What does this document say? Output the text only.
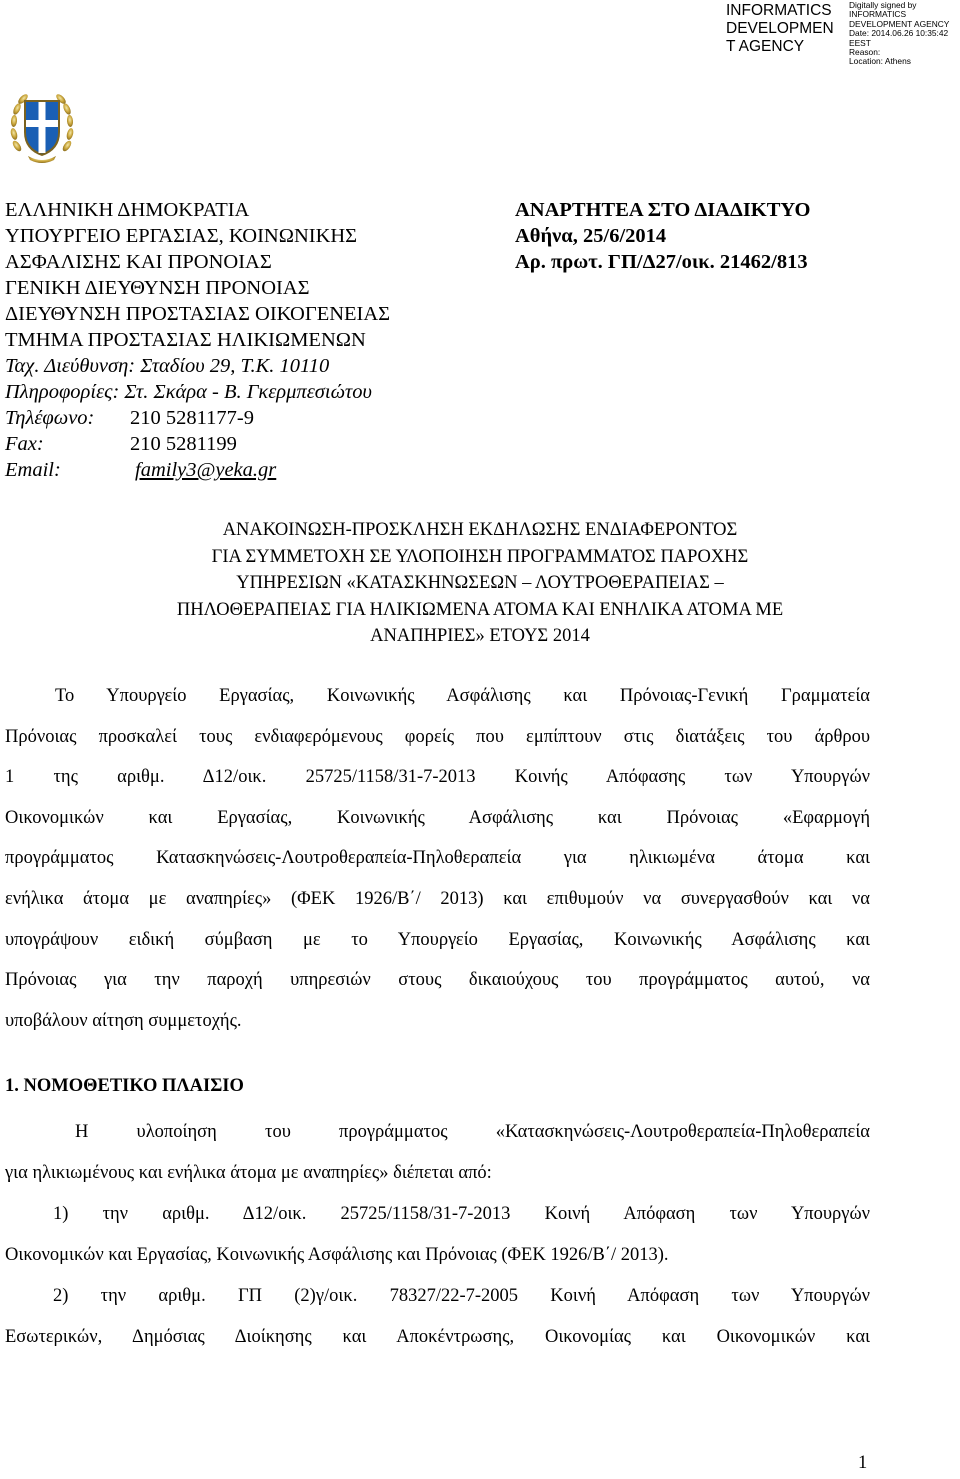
INFORMATICS
DEVELOPMEN
T AGENCY
Digitally signed by
INFORMATICS
DEVELOPMENT AGENCY
Date: 2014.06.26 10:35:42
EEST
Reason:
Location: Athens
ΕΛΛΗΝΙΚΗ ΔΗΜΟΚΡΑΤΙΑ
ΥΠΟΥΡΓΕΙΟ ΕΡΓΑΣΙΑΣ, ΚΟΙΝΩΝΙΚΗΣ
ΑΣΦΑΛΙΣΗΣ ΚΑΙ ΠΡΟΝΟΙΑΣ
ΓΕΝΙΚΗ ΔΙΕΥΘΥΝΣΗ ΠΡΟΝΟΙΑΣ
ΔΙΕΥΘΥΝΣΗ ΠΡΟΣΤΑΣΙΑΣ ΟΙΚΟΓΕΝΕΙΑΣ
ΤΜΗΜΑ ΠΡΟΣΤΑΣΙΑΣ ΗΛΙΚΙΩΜΕΝΩΝ
Ταχ. Διεύθυνση: Σταδίου 29, Τ.Κ. 10110
Πληροφορίες: Στ. Σκάρα - Β. Γκερμπεσιώτου
Τηλέφωνο: 210 5281177-9
Fax:	210 5281199
Email:	family3@yeka.gr
ΑΝΑΡΤΗΤΕΑ ΣΤΟ ΔΙΑΔΙΚΤΥΟ
Αθήνα, 25/6/2014
Αρ. πρωτ. ΓΠ/Δ27/οικ. 21462/813
ΑΝΑΚΟΙΝΩΣΗ-ΠΡΟΣΚΛΗΣΗ ΕΚΔΗΛΩΣΗΣ ΕΝΔΙΑΦΕΡΟΝΤΟΣ
ΓΙΑ ΣΥΜΜΕΤΟΧΗ ΣΕ ΥΛΟΠΟΙΗΣΗ ΠΡΟΓΡΑΜΜΑΤΟΣ ΠΑΡΟΧΗΣ
ΥΠΗΡΕΣΙΩΝ «ΚΑΤΑΣΚΗΝΩΣΕΩΝ – ΛΟΥΤΡΟΘΕΡΑΠΕΙΑΣ –
ΠΗΛΟΘΕΡΑΠΕΙΑΣ ΓΙΑ ΗΛΙΚΙΩΜΕΝΑ ΑΤΟΜΑ ΚΑΙ ΕΝΗΛΙΚΑ ΑΤΟΜΑ ΜΕ
ΑΝΑΠΗΡΙΕΣ» ΕΤΟΥΣ 2014
Το Υπουργείο Εργασίας, Κοινωνικής Ασφάλισης και Πρόνοιας-Γενική Γραμματεία
Πρόνοιας προσκαλεί τους ενδιαφερόμενους φορείς που εμπίπτουν στις διατάξεις του άρθρου
1 της αριθμ. Δ12/οικ. 25725/1158/31-7-2013 Κοινής Απόφασης των Υπουργών
Οικονομικών και Εργασίας, Κοινωνικής Ασφάλισης και Πρόνοιας «Εφαρμογή
προγράμματος Κατασκηνώσεις-Λουτροθεραπεία-Πηλοθεραπεία για ηλικιωμένα άτομα και
ενήλικα άτομα με αναπηρίες» (ΦΕΚ 1926/Β΄/ 2013) και επιθυμούν να συνεργασθούν και να
υπογράψουν ειδική σύμβαση με το Υπουργείο Εργασίας, Κοινωνικής Ασφάλισης και
Πρόνοιας για την παροχή υπηρεσιών στους δικαιούχους του προγράμματος αυτού, να
υποβάλουν αίτηση συμμετοχής.
1. ΝΟΜΟΘΕΤΙΚΟ ΠΛΑΙΣΙΟ
Η υλοποίηση του προγράμματος «Κατασκηνώσεις-Λουτροθεραπεία-Πηλοθεραπεία
για ηλικιωμένους και ενήλικα άτομα με αναπηρίες» διέπεται από:
1) την αριθμ. Δ12/οικ. 25725/1158/31-7-2013 Κοινή Απόφαση των Υπουργών
Οικονομικών και Εργασίας, Κοινωνικής Ασφάλισης και Πρόνοιας (ΦΕΚ 1926/Β΄/ 2013).
2) την αριθμ. ΓΠ (2)γ/οικ. 78327/22-7-2005 Κοινή Απόφαση των Υπουργών
Εσωτερικών, Δημόσιας Διοίκησης και Αποκέντρωσης, Οικονομίας και Οικονομικών και
1
